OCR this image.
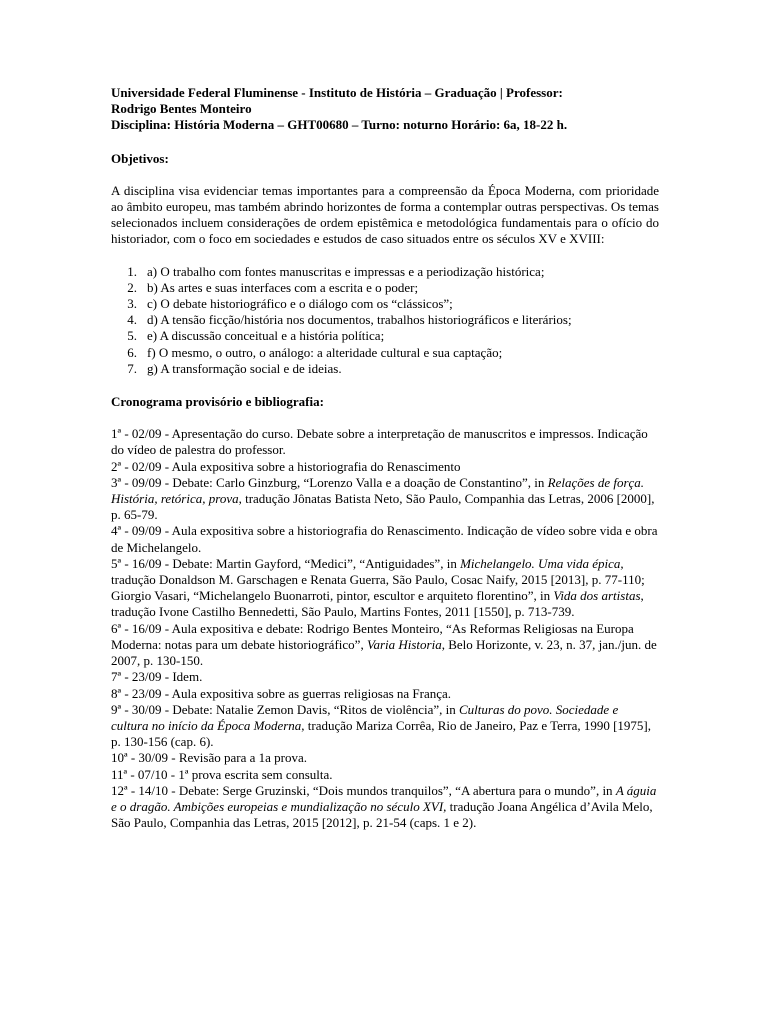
Universidade Federal Fluminense - Instituto de História – Graduação | Professor:

Rodrigo Bentes Monteiro

Disciplina: História Moderna – GHT00680 – Turno: noturno Horário: 6a, 18-22 h.

Objetivos:

A disciplina visa evidenciar temas importantes para a compreensão da Época Moderna, com prioridade ao âmbito europeu, mas também abrindo horizontes de forma a contemplar outras perspectivas. Os temas selecionados incluem considerações de ordem epistêmica e metodológica fundamentais para o ofício do historiador, com o foco em sociedades e estudos de caso situados entre os séculos XV e XVIII:

1. a) O trabalho com fontes manuscritas e impressas e a periodização histórica;
2. b) As artes e suas interfaces com a escrita e o poder;
3. c) O debate historiográfico e o diálogo com os “clássicos”;
4. d) A tensão ficção/história nos documentos, trabalhos historiográficos e literários;
5. e) A discussão conceitual e a história política;
6. f) O mesmo, o outro, o análogo: a alteridade cultural e sua captação;
7. g) A transformação social e de ideias.

Cronograma provisório e bibliografia:

1ª - 02/09 - Apresentação do curso. Debate sobre a interpretação de manuscritos e impressos. Indicação do vídeo de palestra do professor.

2ª - 02/09 - Aula expositiva sobre a historiografia do Renascimento

3ª - 09/09 - Debate: Carlo Ginzburg, “Lorenzo Valla e a doação de Constantino”, in Relações de força. História, retórica, prova, tradução Jônatas Batista Neto, São Paulo, Companhia das Letras, 2006 [2000], p. 65-79.

4ª - 09/09 - Aula expositiva sobre a historiografia do Renascimento. Indicação de vídeo sobre vida e obra de Michelangelo.

5ª - 16/09 - Debate: Martin Gayford, “Medici”, “Antiguidades”, in Michelangelo. Uma vida épica, tradução Donaldson M. Garschagen e Renata Guerra, São Paulo, Cosac Naify, 2015 [2013], p. 77-110; Giorgio Vasari, “Michelangelo Buonarroti, pintor, escultor e arquiteto florentino”, in Vida dos artistas, tradução Ivone Castilho Bennedetti, São Paulo, Martins Fontes, 2011 [1550], p. 713-739.

6ª - 16/09 - Aula expositiva e debate: Rodrigo Bentes Monteiro, “As Reformas Religiosas na Europa Moderna: notas para um debate historiográfico”, Varia Historia, Belo Horizonte, v. 23, n. 37, jan./jun. de 2007, p. 130-150.

7ª - 23/09 - Idem.

8ª - 23/09 - Aula expositiva sobre as guerras religiosas na França.

9ª - 30/09 - Debate: Natalie Zemon Davis, “Ritos de violência”, in Culturas do povo. Sociedade e cultura no início da Época Moderna, tradução Mariza Corrêa, Rio de Janeiro, Paz e Terra, 1990 [1975], p. 130-156 (cap. 6).

10ª - 30/09 - Revisão para a 1a prova.

11ª - 07/10 - 1ª prova escrita sem consulta.

12ª - 14/10 - Debate: Serge Gruzinski, “Dois mundos tranquilos”, “A abertura para o mundo”, in A águia e o dragão. Ambições europeias e mundialização no século XVI, tradução Joana Angélica d’Avila Melo, São Paulo, Companhia das Letras, 2015 [2012], p. 21-54 (caps. 1 e 2).
